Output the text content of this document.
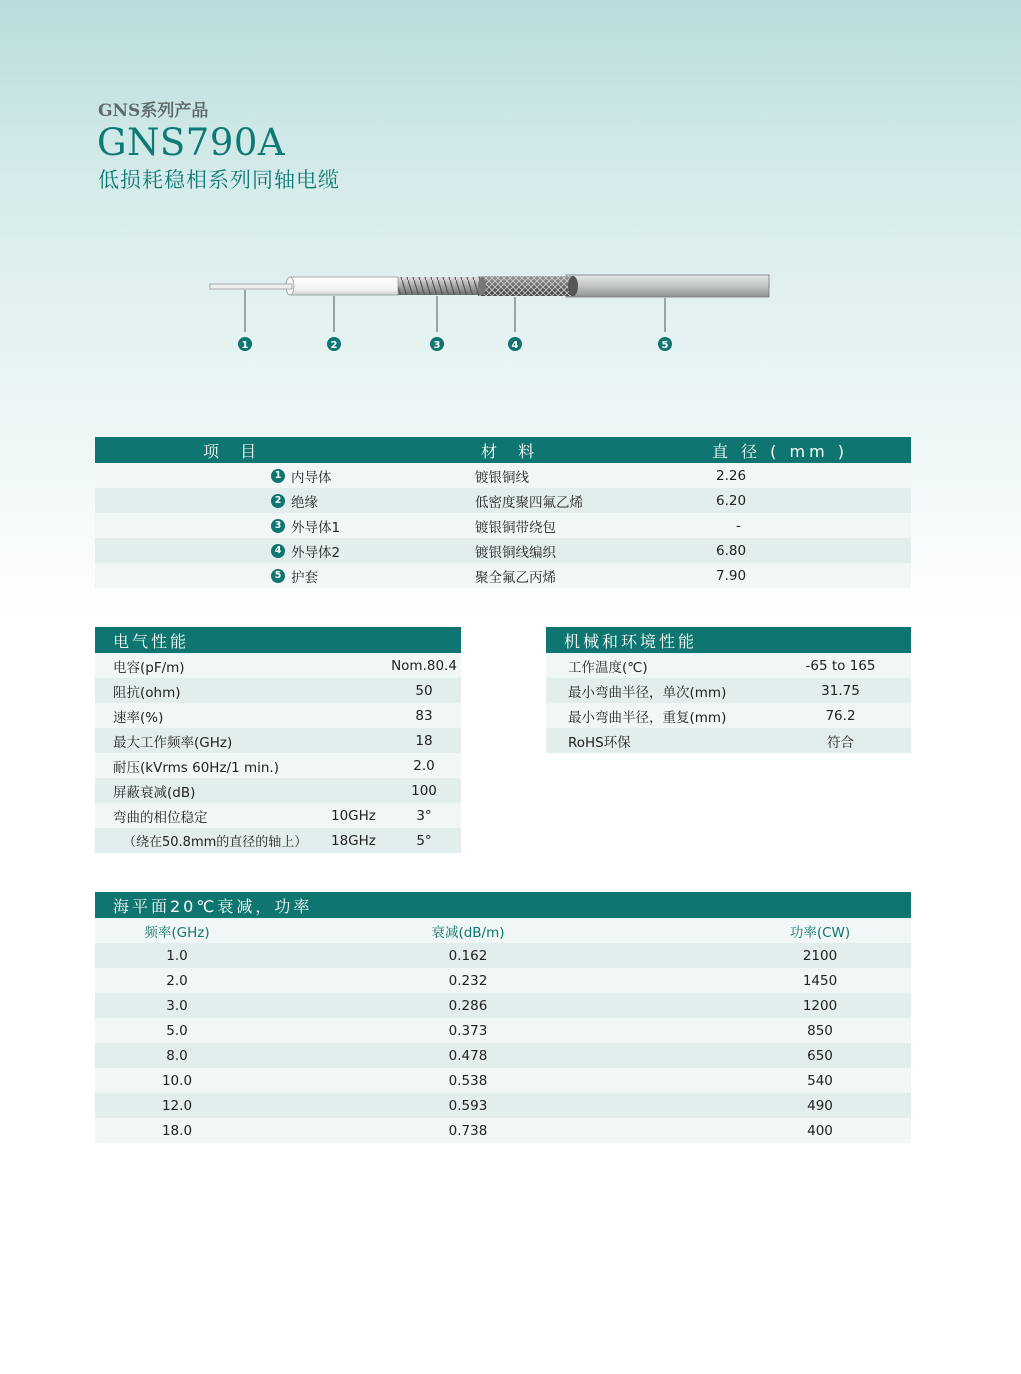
GNS系列产品
GNS790A
低损耗稳相系列同轴电缆
1	2	3	4	5
项 目		材 料	直 径 ( mm )
1	内导体	镀银铜线	2.26
2	绝缘	低密度聚四氟乙烯	6.20
3	外导体1	镀银铜带绕包	-
4	外导体2	镀银铜线编织	6.80
5	护套	聚全氟乙丙烯	7.90
电气性能		
电容(pF/m)		Nom.80.4
阻抗(ohm)		50
速率(%)		83
最大工作频率(GHz)		18
耐压(kVrms 60Hz/1 min.)		2.0
屏蔽衰减(dB)		100
弯曲的相位稳定	10GHz	3°
（绕在50.8mm的直径的轴上）	18GHz	5°
机械和环境性能	
工作温度(℃)	-65 to 165
最小弯曲半径，单次(mm)	31.75
最小弯曲半径，重复(mm)	76.2
RoHS环保	符合
海平面20℃衰减，功率		
频率(GHz)	衰减(dB/m)	功率(CW)
1.0	0.162	2100
2.0	0.232	1450
3.0	0.286	1200
5.0	0.373	850
8.0	0.478	650
10.0	0.538	540
12.0	0.593	490
18.0	0.738	400
